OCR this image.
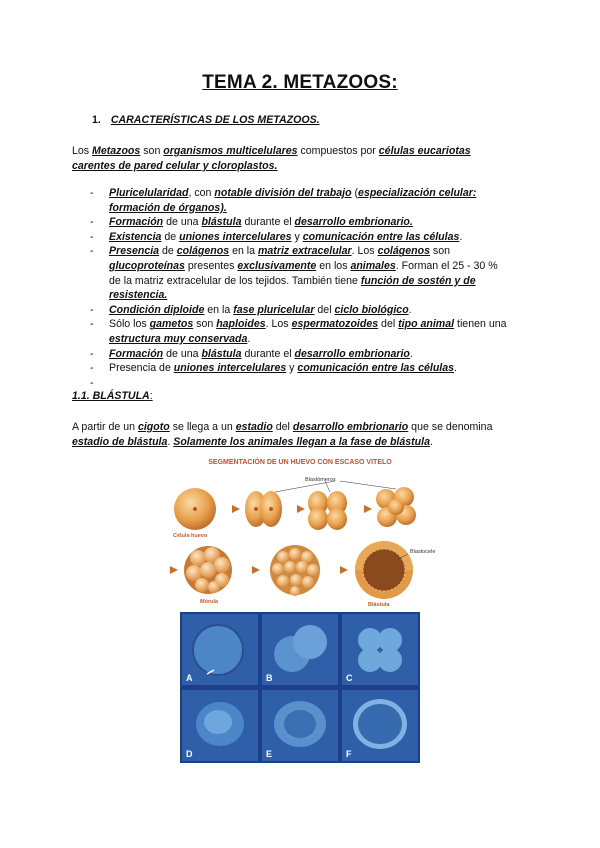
TEMA 2. METAZOOS:
1. CARACTERÍSTICAS DE LOS METAZOOS.

Los Metazoos son organismos multicelulares compuestos por células eucariotas carentes de pared celular y cloroplastos.

- Pluricelularidad, con notable división del trabajo (especialización celular: formación de órganos).
- Formación de una blástula durante el desarrollo embrionario.
- Existencia de uniones intercelulares y comunicación entre las células.
- Presencia de colágenos en la matriz extracelular. Los colágenos son glucoproteínas presentes exclusivamente en los animales. Forman el 25 - 30 % de la matriz extracelular de los tejidos. También tiene función de sostén y de resistencia.
- Condición diploide en la fase pluricelular del ciclo biológico.
- Sólo los gametos son haploides. Los espermatozoides del tipo animal tienen una estructura muy conservada.
- Formación de una blástula durante el desarrollo embrionario.
- Presencia de uniones intercelulares y comunicación entre las células.
-
1.1. BLÁSTULA:

A partir de un cigoto se llega a un estadio del desarrollo embrionario que se denomina estadio de blástula. Solamente los animales llegan a la fase de blástula.

SEGMENTACIÓN DE UN HUEVO CON ESCASO VITELO
Blastómeros
Célula huevo
Blastocele
Mórula	Blástula
A	B	C
D	E	F
